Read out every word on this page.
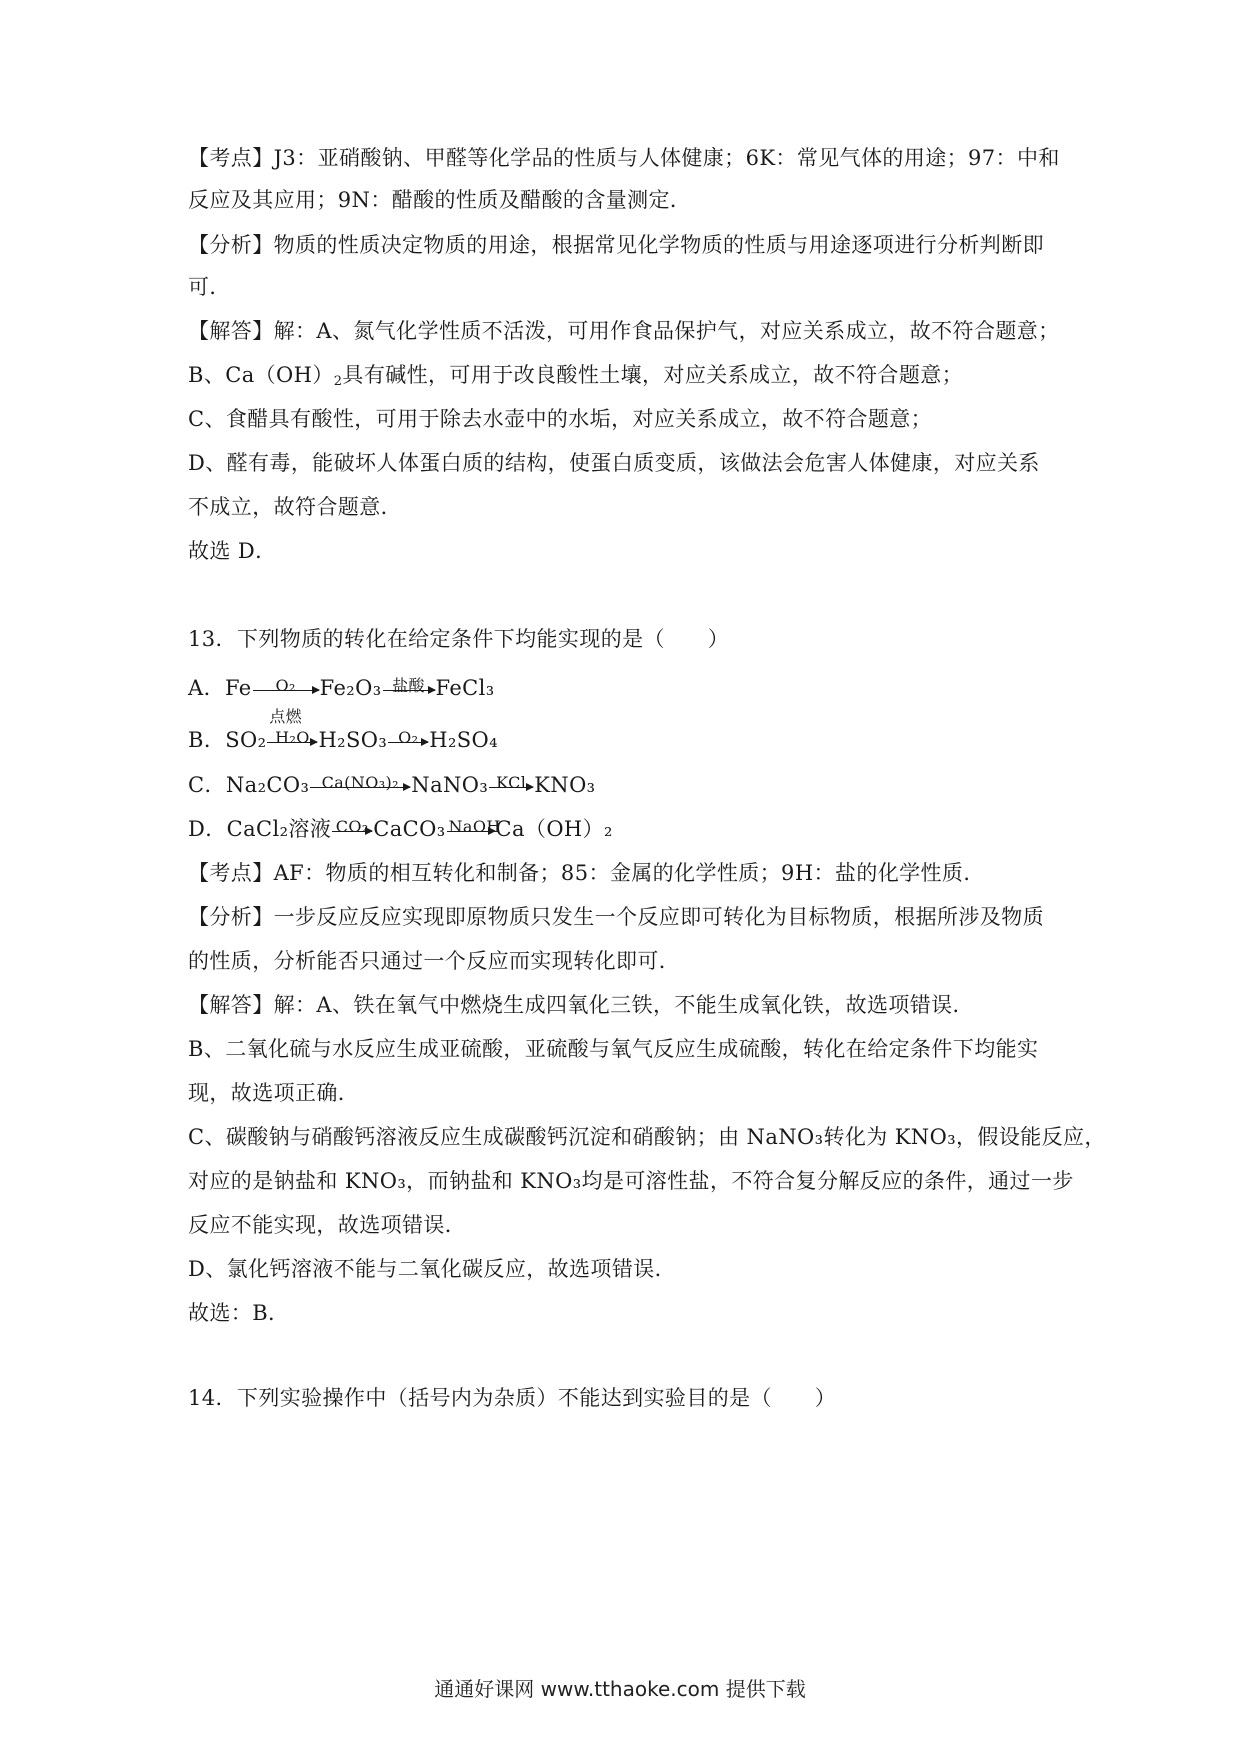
【考点】J3：亚硝酸钠、甲醛等化学品的性质与人体健康；6K：常见气体的用途；97：中和
反应及其应用；9N：醋酸的性质及醋酸的含量测定．
【分析】物质的性质决定物质的用途，根据常见化学物质的性质与用途逐项进行分析判断即
可．
【解答】解：A、氮气化学性质不活泼，可用作食品保护气，对应关系成立，故不符合题意；
B、$Ca(OH)_2$具有碱性，可用于改良酸性土壤，对应关系成立，故不符合题意；
C、食醋具有酸性，可用于除去水壶中的水垢，对应关系成立，故不符合题意；
D、醛有毒，能破坏人体蛋白质的结构，使蛋白质变质，该做法会危害人体健康，对应关系
不成立，故符合题意．
故选 D．
13．下列物质的转化在给定条件下均能实现的是（　　）
A．Fe	O₂
点燃
Fe₂O₃ 盐酸 FeCl₃
B．SO₂ H₂O H₂SO₃ O₂ H₂SO₄
C．Na₂CO₃ Ca(NO₃)₂ NaNO₃ KCl KNO₃
D．CaCl₂溶液 CO₂ CaCO₃ NaOH
Ca（OH）₂
【考点】AF：物质的相互转化和制备；85：金属的化学性质；9H：盐的化学性质．
【分析】一步反应反应实现即原物质只发生一个反应即可转化为目标物质，根据所涉及物质
的性质，分析能否只通过一个反应而实现转化即可．
【解答】解：A、铁在氧气中燃烧生成四氧化三铁，不能生成氧化铁，故选项错误．
B、二氧化硫与水反应生成亚硫酸，亚硫酸与氧气反应生成硫酸，转化在给定条件下均能实
现，故选项正确．
C、碳酸钠与硝酸钙溶液反应生成碳酸钙沉淀和硝酸钠；由 NaNO₃转化为 KNO₃，假设能反应，
对应的是钠盐和 KNO₃，而钠盐和 KNO₃均是可溶性盐，不符合复分解反应的条件，通过一步
反应不能实现，故选项错误．
D、氯化钙溶液不能与二氧化碳反应，故选项错误．
故选：B．
14．下列实验操作中（括号内为杂质）不能达到实验目的是（　　）
通通好课网 www.tthaoke.com 提供下载
